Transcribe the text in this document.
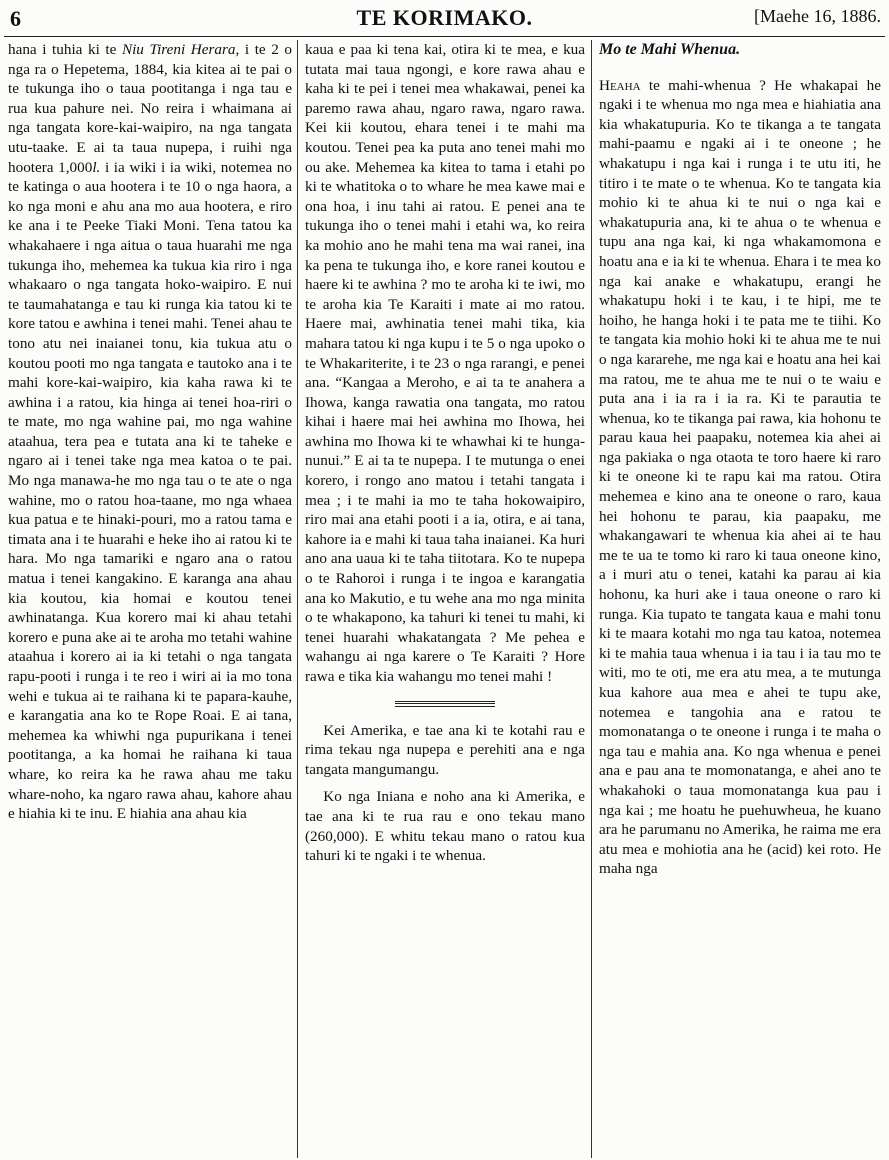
6	TE KORIMAKO.	[Maehe 16, 1886.

hana i tuhia ki te Niu Tireni Herara, i te 2 o nga ra o Hepetema, 1884, kia kitea ai te pai o te tukunga iho o taua pootitanga i nga tau e rua kua pahure nei. No reira i whaimana ai nga tangata kore-kai-waipiro, na nga tangata utu-taake. E ai ta taua nupepa, i ruihi nga hootera 1,000l. i ia wiki i ia wiki, notemea no te katinga o aua hootera i te 10 o nga haora, a ko nga moni e ahu ana mo aua hootera, e riro ke ana i te Peeke Tiaki Moni. Tena tatou ka whakahaere i nga aitua o taua huarahi me nga tukunga iho, mehemea ka tukua kia riro i nga whakaaro o nga tangata hoko-waipiro. E nui te taumahatanga e tau ki runga kia tatou ki te kore tatou e awhina i tenei mahi. Tenei ahau te tono atu nei inaianei tonu, kia tukua atu o koutou pooti mo nga tangata e tautoko ana i te mahi kore-kai-waipiro, kia kaha rawa ki te awhina i a ratou, kia hinga ai tenei hoa-riri o te mate, mo nga wahine pai, mo nga wahine ataahua, tera pea e tutata ana ki te taheke e ngaro ai i tenei take nga mea katoa o te pai. Mo nga manawa-he mo nga tau o te ate o nga wahine, mo o ratou hoa-taane, mo nga whaea kua patua e te hinaki-pouri, mo a ratou tama e timata ana i te huarahi e heke iho ai ratou ki te hara. Mo nga tamariki e ngaro ana o ratou matua i tenei kangakino. E karanga ana ahau kia koutou, kia homai e koutou tenei awhinatanga. Kua korero mai ki ahau tetahi korero e puna ake ai te aroha mo tetahi wahine ataahua i korero ai ia ki tetahi o nga tangata rapu-pooti i runga i te reo i wiri ai ia mo tona wehi e tukua ai te raihana ki te papara-kauhe, e karangatia ana ko te Rope Roai. E ai tana, mehemea ka whiwhi nga pupurikana i tenei pootitanga, a ka homai he raihana ki taua whare, ko reira ka he rawa ahau me taku whare-noho, ka ngaro rawa ahau, kahore ahau e hiahia ki te inu. E hiahia ana ahau kia

kaua e paa ki tena kai, otira ki te mea, e kua tutata mai taua ngongi, e kore rawa ahau e kaha ki te pei i tenei mea whakawai, penei ka paremo rawa ahau, ngaro rawa, ngaro rawa. Kei kii koutou, ehara tenei i te mahi ma koutou. Tenei pea ka puta ano tenei mahi mo ou ake. Mehemea ka kitea to tama i etahi po ki te whatitoka o to whare he mea kawe mai e ona hoa, i inu tahi ai ratou. E penei ana te tukunga iho o tenei mahi i etahi wa, ko reira ka mohio ano he mahi tena ma wai ranei, ina ka pena te tukunga iho, e kore ranei koutou e haere ki te awhina ? mo te aroha ki te iwi, mo te aroha kia Te Karaiti i mate ai mo ratou. Haere mai, awhinatia tenei mahi tika, kia mahara tatou ki nga kupu i te 5 o nga upoko o te Whakariterite, i te 23 o nga rarangi, e penei ana. “Kangaa a Meroho, e ai ta te anahera a Ihowa, kanga rawatia ona tangata, mo ratou kihai i haere mai hei awhina mo Ihowa, hei awhina mo Ihowa ki te whawhai ki te hunga-nunui.” E ai ta te nupepa. I te mutunga o enei korero, i rongo ano matou i tetahi tangata i mea ; i te mahi ia mo te taha hokowaipiro, riro mai ana etahi pooti i a ia, otira, e ai tana, kahore ia e mahi ki taua taha inaianei. Ka huri ano ana uaua ki te taha tiitotara. Ko te nupepa o te Rahoroi i runga i te ingoa e karangatia ana ko Makutio, e tu wehe ana mo nga minita o te whakapono, ka tahuri ki tenei tu mahi, ki tenei huarahi whakatangata ? Me pehea e wahangu ai nga karere o Te Karaiti ? Hore rawa e tika kia wahangu mo tenei mahi !

Kei Amerika, e tae ana ki te kotahi rau e rima tekau nga nupepa e perehiti ana e nga tangata mangumangu.

Ko nga Iniana e noho ana ki Amerika, e tae ana ki te rua rau e ono tekau mano (260,000). E whitu tekau mano o ratou kua tahuri ki te ngaki i te whenua.

Mo te Mahi Whenua.

Heaha te mahi-whenua ? He whakapai he ngaki i te whenua mo nga mea e hiahiatia ana kia whakatupuria. Ko te tikanga a te tangata mahi-paamu e ngaki ai i te oneone ; he whakatupu i nga kai i runga i te utu iti, he titiro i te mate o te whenua. Ko te tangata kia mohio ki te ahua ki te nui o nga kai e whakatupuria ana, ki te ahua o te whenua e tupu ana nga kai, ki nga whakamomona e hoatu ana e ia ki te whenua. Ehara i te mea ko nga kai anake e whakatupu, erangi he whakatupu hoki i te kau, i te hipi, me te hoiho, he hanga hoki i te pata me te tiihi. Ko te tangata kia mohio hoki ki te ahua me te nui o nga kararehe, me nga kai e hoatu ana hei kai ma ratou, me te ahua me te nui o te waiu e puta ana i ia ra i ia ra. Ki te parautia te whenua, ko te tikanga pai rawa, kia hohonu te parau kaua hei paapaku, notemea kia ahei ai nga pakiaka o nga otaota te toro haere ki raro ki te oneone ki te rapu kai ma ratou. Otira mehemea e kino ana te oneone o raro, kaua hei hohonu te parau, kia paapaku, me whakangawari te whenua kia ahei ai te hau me te ua te tomo ki raro ki taua oneone kino, a i muri atu o tenei, katahi ka parau ai kia hohonu, ka huri ake i taua oneone o raro ki runga. Kia tupato te tangata kaua e mahi tonu ki te maara kotahi mo nga tau katoa, notemea ki te mahia taua whenua i ia tau i ia tau mo te witi, mo te oti, me era atu mea, a te mutunga kua kahore aua mea e ahei te tupu ake, notemea e tangohia ana e ratou te momonatanga o te oneone i runga i te maha o nga tau e mahia ana. Ko nga whenua e penei ana e pau ana te momonatanga, e ahei ano te whakahoki o taua momonatanga kua pau i nga kai ; me hoatu he puehuwheua, he kuano ara he parumanu no Amerika, he raima me era atu mea e mohiotia ana he (acid) kei roto. He maha nga
